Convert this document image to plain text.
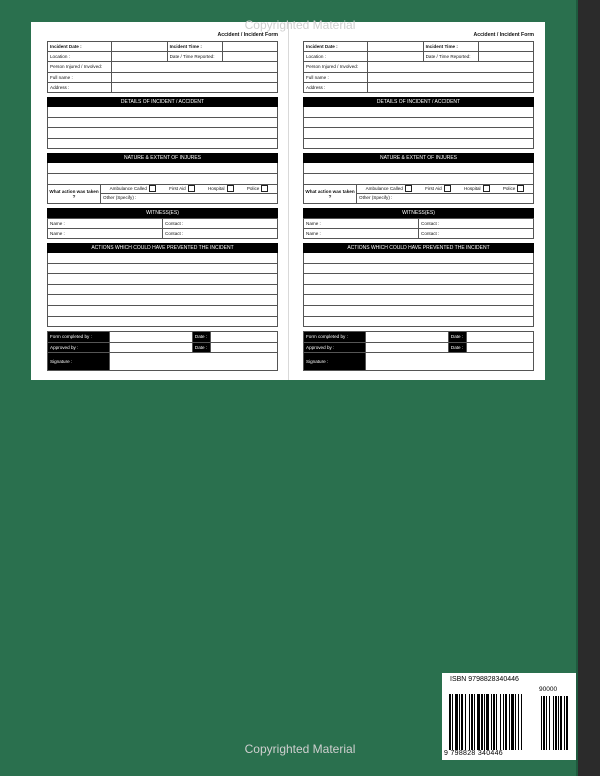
Accident / Incident Form
Incident Date :		Incident Time :	
Location :		Date / Time Reported:	
Person Injured / Involved:			
Full name :			
Address :			
DETAILS OF INCIDENT / ACCIDENT
NATURE & EXTENT OF INJURES
What action was taken ?
Ambulance Called	First Aid	Hospital	Police
Other (Specify) :
WITNESS(ES)
Name :	Contact :
Name :	Contact :
ACTIONS WHICH COULD HAVE PREVENTED THE INCIDENT
Form completed by :		Date :	
Approved by :		Date :	
Signature :			
Accident / Incident Form
Incident Date :		Incident Time :	
Location :		Date / Time Reported:	
Person Injured / Involved:			
Full name :			
Address :			
DETAILS OF INCIDENT / ACCIDENT
NATURE & EXTENT OF INJURES
What action was taken ?
Ambulance Called	First Aid	Hospital	Police
Other (Specify) :
WITNESS(ES)
Name :	Contact :
Name :	Contact :
ACTIONS WHICH COULD HAVE PREVENTED THE INCIDENT
Form completed by :		Date :	
Approved by :		Date :	
Signature :			
Copyrighted Material
Copyrighted Material
ISBN 9798828340446
90000
9 798828 340446
